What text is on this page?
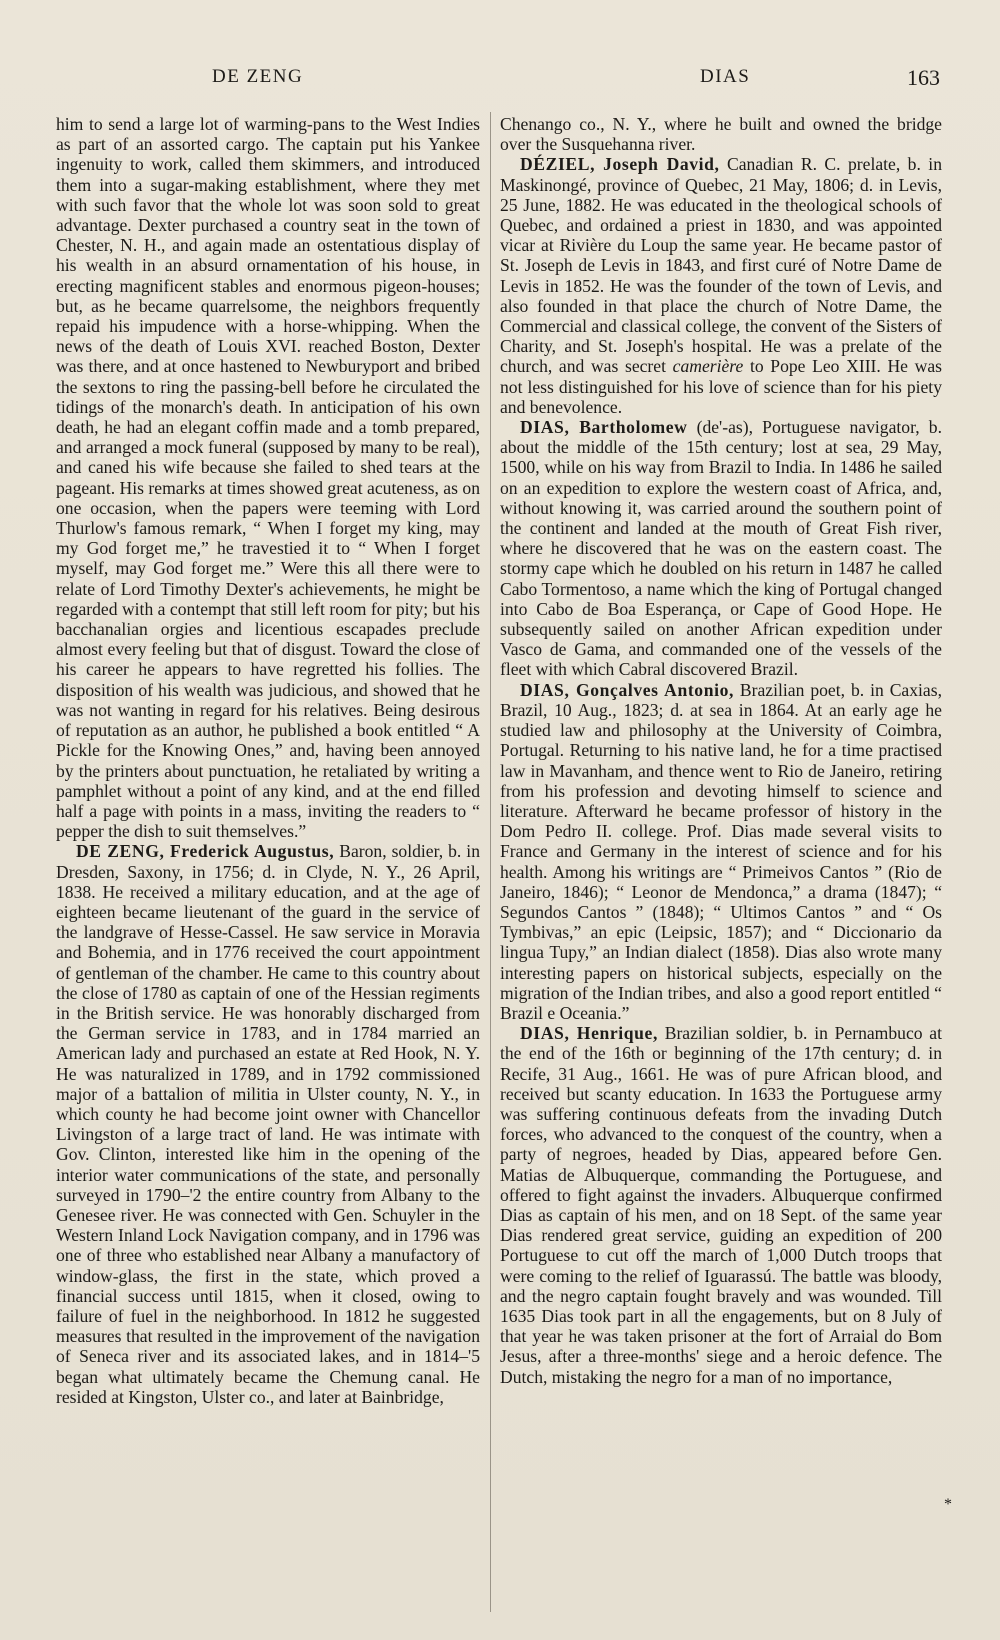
DE ZENG	DIAS	163

him to send a large lot of warming-pans to the West Indies as part of an assorted cargo. The captain put his Yankee ingenuity to work, called them skimmers, and introduced them into a sugar-making establishment, where they met with such favor that the whole lot was soon sold to great advantage. Dexter purchased a country seat in the town of Chester, N. H., and again made an ostentatious display of his wealth in an absurd ornamentation of his house, in erecting magnificent stables and enormous pigeon-houses; but, as he became quarrelsome, the neighbors frequently repaid his impudence with a horse-whipping. When the news of the death of Louis XVI. reached Boston, Dexter was there, and at once hastened to Newburyport and bribed the sextons to ring the passing-bell before he circulated the tidings of the monarch's death. In anticipation of his own death, he had an elegant coffin made and a tomb prepared, and arranged a mock funeral (supposed by many to be real), and caned his wife because she failed to shed tears at the pageant. His remarks at times showed great acuteness, as on one occasion, when the papers were teeming with Lord Thurlow's famous remark, “ When I forget my king, may my God forget me,” he travestied it to “ When I forget myself, may God forget me.” Were this all there were to relate of Lord Timothy Dexter's achievements, he might be regarded with a contempt that still left room for pity; but his bacchanalian orgies and licentious escapades preclude almost every feeling but that of disgust. Toward the close of his career he appears to have regretted his follies. The disposition of his wealth was judicious, and showed that he was not wanting in regard for his relatives. Being desirous of reputation as an author, he published a book entitled “ A Pickle for the Knowing Ones,” and, having been annoyed by the printers about punctuation, he retaliated by writing a pamphlet without a point of any kind, and at the end filled half a page with points in a mass, inviting the readers to “ pepper the dish to suit themselves.”

DE ZENG, Frederick Augustus, Baron, soldier, b. in Dresden, Saxony, in 1756; d. in Clyde, N. Y., 26 April, 1838. He received a military education, and at the age of eighteen became lieutenant of the guard in the service of the landgrave of Hesse-Cassel. He saw service in Moravia and Bohemia, and in 1776 received the court appointment of gentleman of the chamber. He came to this country about the close of 1780 as captain of one of the Hessian regiments in the British service. He was honorably discharged from the German service in 1783, and in 1784 married an American lady and purchased an estate at Red Hook, N. Y. He was naturalized in 1789, and in 1792 commissioned major of a battalion of militia in Ulster county, N. Y., in which county he had become joint owner with Chancellor Livingston of a large tract of land. He was intimate with Gov. Clinton, interested like him in the opening of the interior water communications of the state, and personally surveyed in 1790–'2 the entire country from Albany to the Genesee river. He was connected with Gen. Schuyler in the Western Inland Lock Navigation company, and in 1796 was one of three who established near Albany a manufactory of window-glass, the first in the state, which proved a financial success until 1815, when it closed, owing to failure of fuel in the neighborhood. In 1812 he suggested measures that resulted in the improvement of the navigation of Seneca river and its associated lakes, and in 1814–'5 began what ultimately became the Chemung canal. He resided at Kingston, Ulster co., and later at Bainbridge,

Chenango co., N. Y., where he built and owned the bridge over the Susquehanna river.

DÉZIEL, Joseph David, Canadian R. C. prelate, b. in Maskinongé, province of Quebec, 21 May, 1806; d. in Levis, 25 June, 1882. He was educated in the theological schools of Quebec, and ordained a priest in 1830, and was appointed vicar at Rivière du Loup the same year. He became pastor of St. Joseph de Levis in 1843, and first curé of Notre Dame de Levis in 1852. He was the founder of the town of Levis, and also founded in that place the church of Notre Dame, the Commercial and classical college, the convent of the Sisters of Charity, and St. Joseph's hospital. He was a prelate of the church, and was secret camerière to Pope Leo XIII. He was not less distinguished for his love of science than for his piety and benevolence.

DIAS, Bartholomew (de'-as), Portuguese navigator, b. about the middle of the 15th century; lost at sea, 29 May, 1500, while on his way from Brazil to India. In 1486 he sailed on an expedition to explore the western coast of Africa, and, without knowing it, was carried around the southern point of the continent and landed at the mouth of Great Fish river, where he discovered that he was on the eastern coast. The stormy cape which he doubled on his return in 1487 he called Cabo Tormentoso, a name which the king of Portugal changed into Cabo de Boa Esperança, or Cape of Good Hope. He subsequently sailed on another African expedition under Vasco de Gama, and commanded one of the vessels of the fleet with which Cabral discovered Brazil.

DIAS, Gonçalves Antonio, Brazilian poet, b. in Caxias, Brazil, 10 Aug., 1823; d. at sea in 1864. At an early age he studied law and philosophy at the University of Coimbra, Portugal. Returning to his native land, he for a time practised law in Mavanham, and thence went to Rio de Janeiro, retiring from his profession and devoting himself to science and literature. Afterward he became professor of history in the Dom Pedro II. college. Prof. Dias made several visits to France and Germany in the interest of science and for his health. Among his writings are “ Primeivos Cantos ” (Rio de Janeiro, 1846); “ Leonor de Mendonca,” a drama (1847); “ Segundos Cantos ” (1848); “ Ultimos Cantos ” and “ Os Tymbivas,” an epic (Leipsic, 1857); and “ Diccionario da lingua Tupy,” an Indian dialect (1858). Dias also wrote many interesting papers on historical subjects, especially on the migration of the Indian tribes, and also a good report entitled “ Brazil e Oceania.”

DIAS, Henrique, Brazilian soldier, b. in Pernambuco at the end of the 16th or beginning of the 17th century; d. in Recife, 31 Aug., 1661. He was of pure African blood, and received but scanty education. In 1633 the Portuguese army was suffering continuous defeats from the invading Dutch forces, who advanced to the conquest of the country, when a party of negroes, headed by Dias, appeared before Gen. Matias de Albuquerque, commanding the Portuguese, and offered to fight against the invaders. Albuquerque confirmed Dias as captain of his men, and on 18 Sept. of the same year Dias rendered great service, guiding an expedition of 200 Portuguese to cut off the march of 1,000 Dutch troops that were coming to the relief of Iguarassú. The battle was bloody, and the negro captain fought bravely and was wounded. Till 1635 Dias took part in all the engagements, but on 8 July of that year he was taken prisoner at the fort of Arraial do Bom Jesus, after a three-months' siege and a heroic defence. The Dutch, mistaking the negro for a man of no importance,

*
